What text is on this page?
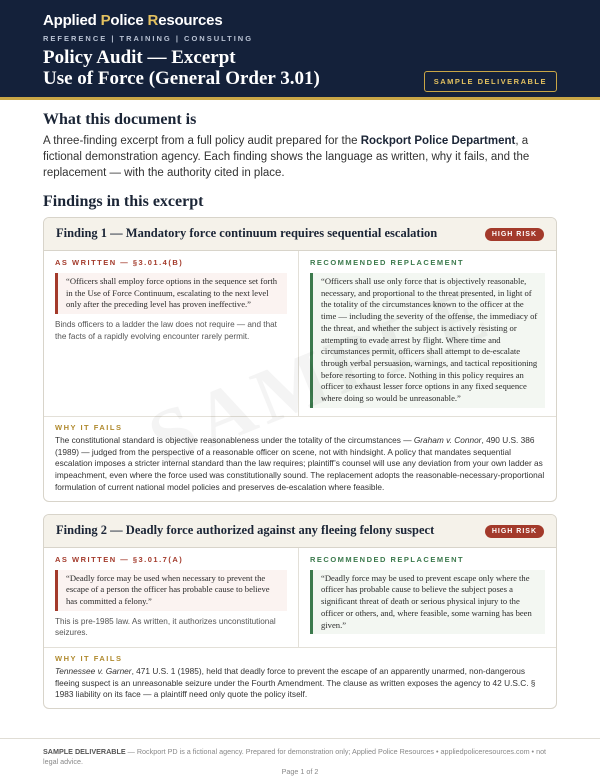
Applied Police Resources
REFERENCE | TRAINING | CONSULTING
Policy Audit — Excerpt
Use of Force (General Order 3.01)	SAMPLE DELIVERABLE
What this document is

A three-finding excerpt from a full policy audit prepared for the Rockport Police Department, a fictional demonstration agency. Each finding shows the language as written, why it fails, and the replacement — with the authority cited in place.

Findings in this excerpt
Finding 1 — Mandatory force continuum requires sequential escalation	HIGH RISK
AS WRITTEN — §3.01.4(B)
“Officers shall employ force options in the sequence set forth in the Use of Force Continuum, escalating to the next level only after the preceding level has proven ineffective.”
Binds officers to a ladder the law does not require — and that the facts of a rapidly evolving encounter rarely permit.
RECOMMENDED REPLACEMENT
“Officers shall use only force that is objectively reasonable, necessary, and proportional to the threat presented, in light of the totality of the circumstances known to the officer at the time — including the severity of the offense, the immediacy of the threat, and whether the subject is actively resisting or attempting to evade arrest by flight. Where time and circumstances permit, officers shall attempt to de-escalate through verbal persuasion, warnings, and tactical repositioning before resorting to force. Nothing in this policy requires an officer to exhaust lesser force options in any fixed sequence where doing so would be unreasonable.”
WHY IT FAILS

The constitutional standard is objective reasonableness under the totality of the circumstances — Graham v. Connor, 490 U.S. 386 (1989) — judged from the perspective of a reasonable officer on scene, not with hindsight. A policy that mandates sequential escalation imposes a stricter internal standard than the law requires; plaintiff’s counsel will use any deviation from your own ladder as impeachment, even where the force used was constitutionally sound. The replacement adopts the reasonable-necessary-proportional formulation of current national model policies and preserves de-escalation where feasible.

Finding 2 — Deadly force authorized against any fleeing felony suspect	HIGH RISK
AS WRITTEN — §3.01.7(A)
“Deadly force may be used when necessary to prevent the escape of a person the officer has probable cause to believe has committed a felony.”
This is pre-1985 law. As written, it authorizes unconstitutional seizures.
RECOMMENDED REPLACEMENT
“Deadly force may be used to prevent escape only where the officer has probable cause to believe the subject poses a significant threat of death or serious physical injury to the officer or others, and, where feasible, some warning has been given.”
WHY IT FAILS

Tennessee v. Garner, 471 U.S. 1 (1985), held that deadly force to prevent the escape of an apparently unarmed, non-dangerous fleeing suspect is an unreasonable seizure under the Fourth Amendment. The clause as written exposes the agency to 42 U.S.C. § 1983 liability on its face — a plaintiff need only quote the policy itself.

SAMPLE DELIVERABLE — Rockport PD is a fictional agency. Prepared for demonstration only; Applied Police Resources • appliedpoliceresources.com • not legal advice.
Page 1 of 2
